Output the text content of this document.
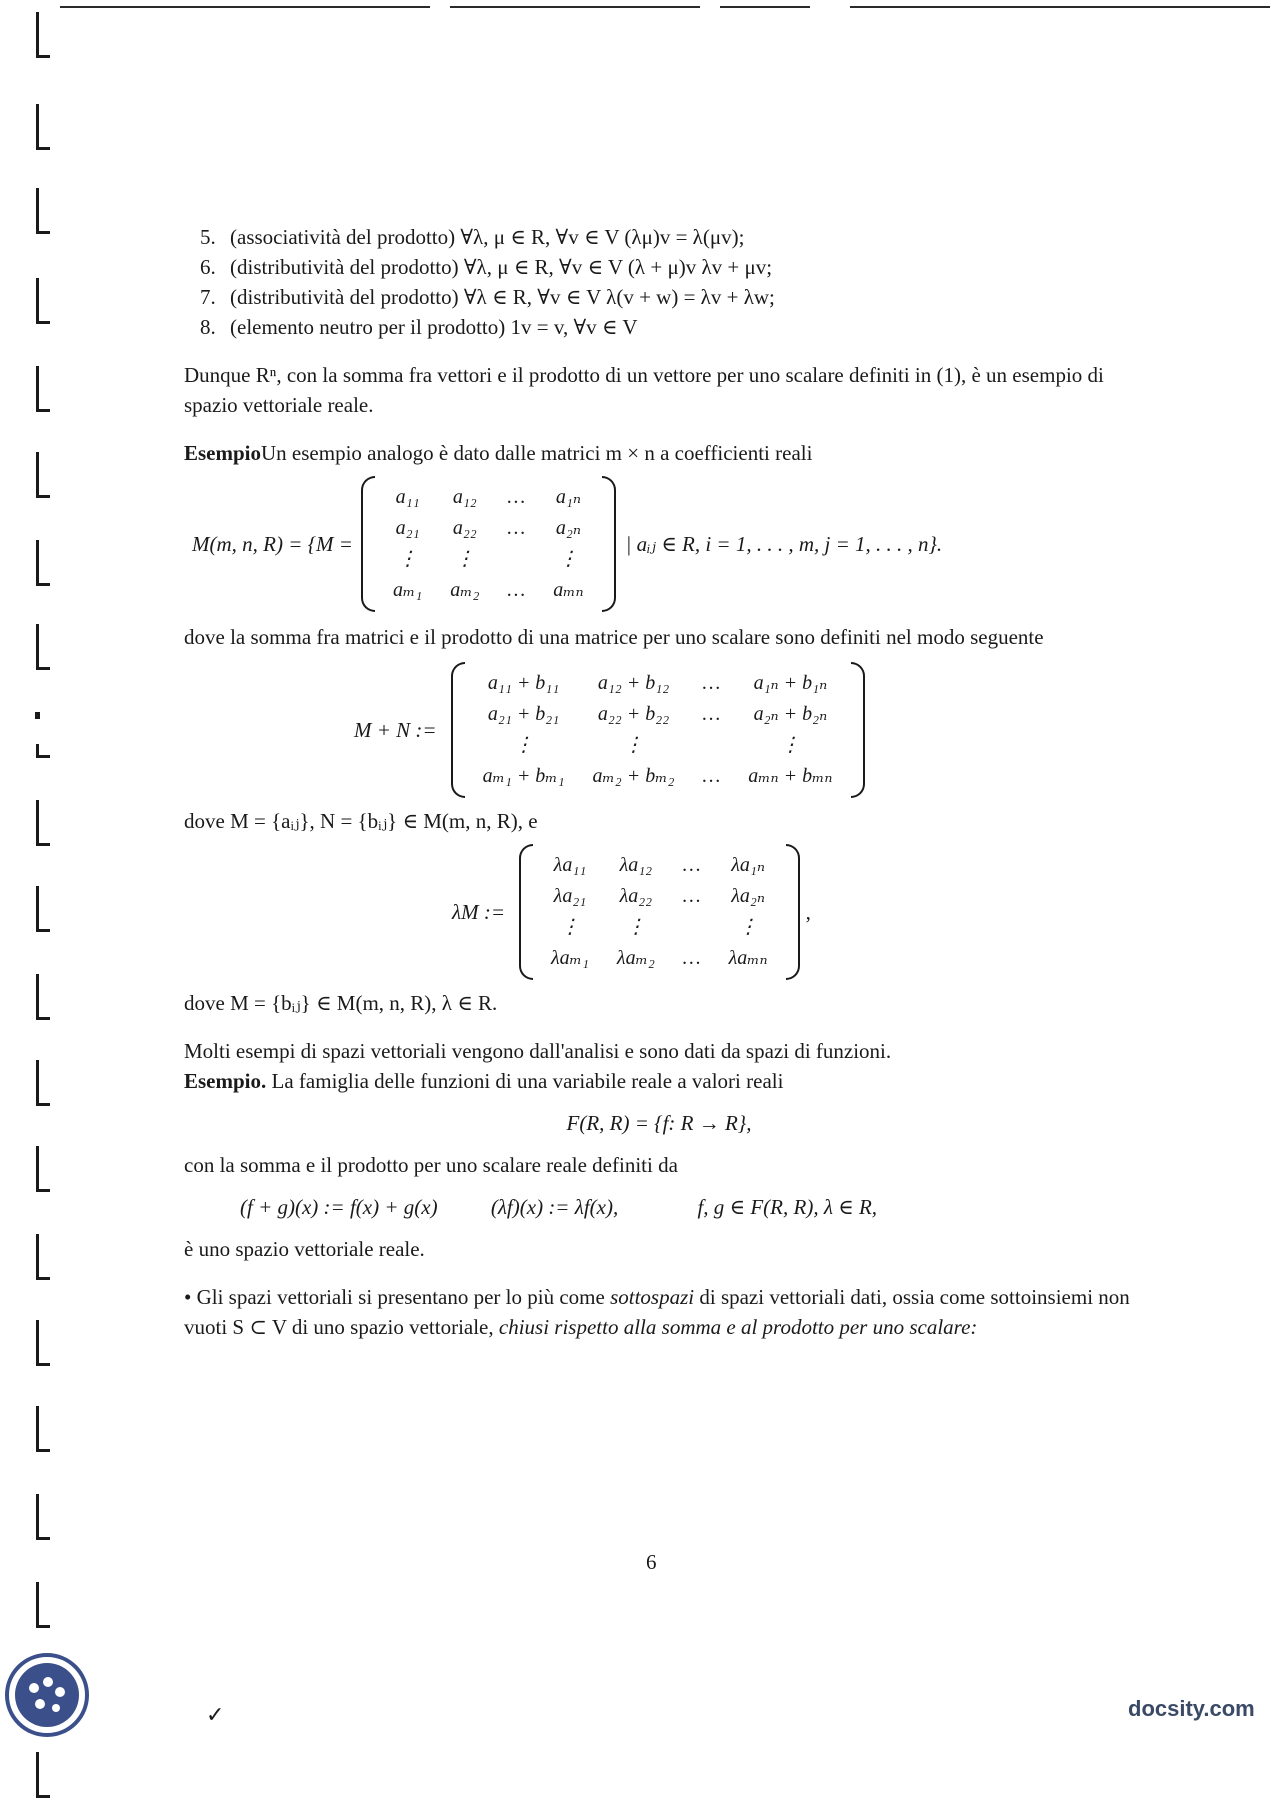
5. (associatività del prodotto) ∀λ, μ ∈ R, ∀v ∈ V (λμ)v = λ(μv);
6. (distributività del prodotto) ∀λ, μ ∈ R, ∀v ∈ V (λ + μ)v λv + μv;
7. (distributività del prodotto) ∀λ ∈ R, ∀v ∈ V λ(v + w) = λv + λw;
8. (elemento neutro per il prodotto) 1v = v, ∀v ∈ V

Dunque Rⁿ, con la somma fra vettori e il prodotto di un vettore per uno scalare definiti in (1), è un esempio di spazio vettoriale reale.

EsempioUn esempio analogo è dato dalle matrici m × n a coefficienti reali

M(m, n, R) = {M =
a₁₁	a₁₂	…	a₁ₙ
a₂₁	a₂₂	…	a₂ₙ
⋮	⋮		⋮
aₘ₁	aₘ₂	…	aₘₙ
| aᵢⱼ ∈ R, i = 1, . . . , m, j = 1, . . . , n}.

dove la somma fra matrici e il prodotto di una matrice per uno scalare sono definiti nel modo seguente

M + N :=
a₁₁ + b₁₁	a₁₂ + b₁₂	…	a₁ₙ + b₁ₙ
a₂₁ + b₂₁	a₂₂ + b₂₂	…	a₂ₙ + b₂ₙ
⋮	⋮		⋮
aₘ₁ + bₘ₁	aₘ₂ + bₘ₂	…	aₘₙ + bₘₙ

dove M = {aᵢⱼ}, N = {bᵢⱼ} ∈ M(m, n, R), e

λM :=
λa₁₁	λa₁₂	…	λa₁ₙ
λa₂₁	λa₂₂	…	λa₂ₙ
⋮	⋮		⋮
λaₘ₁	λaₘ₂	…	λaₘₙ
,

dove M = {bᵢⱼ} ∈ M(m, n, R), λ ∈ R.

Molti esempi di spazi vettoriali vengono dall'analisi e sono dati da spazi di funzioni.

Esempio. La famiglia delle funzioni di una variabile reale a valori reali

F(R, R) = {f: R → R},

con la somma e il prodotto per uno scalare reale definiti da

(f + g)(x) := f(x) + g(x)	(λf)(x) := λf(x),	f, g ∈ F(R, R), λ ∈ R,

è uno spazio vettoriale reale.

• Gli spazi vettoriali si presentano per lo più come sottospazi di spazi vettoriali dati, ossia come sottoinsiemi non vuoti S ⊂ V di uno spazio vettoriale, chiusi rispetto alla somma e al prodotto per uno scalare:

6
✓	docsity.com
